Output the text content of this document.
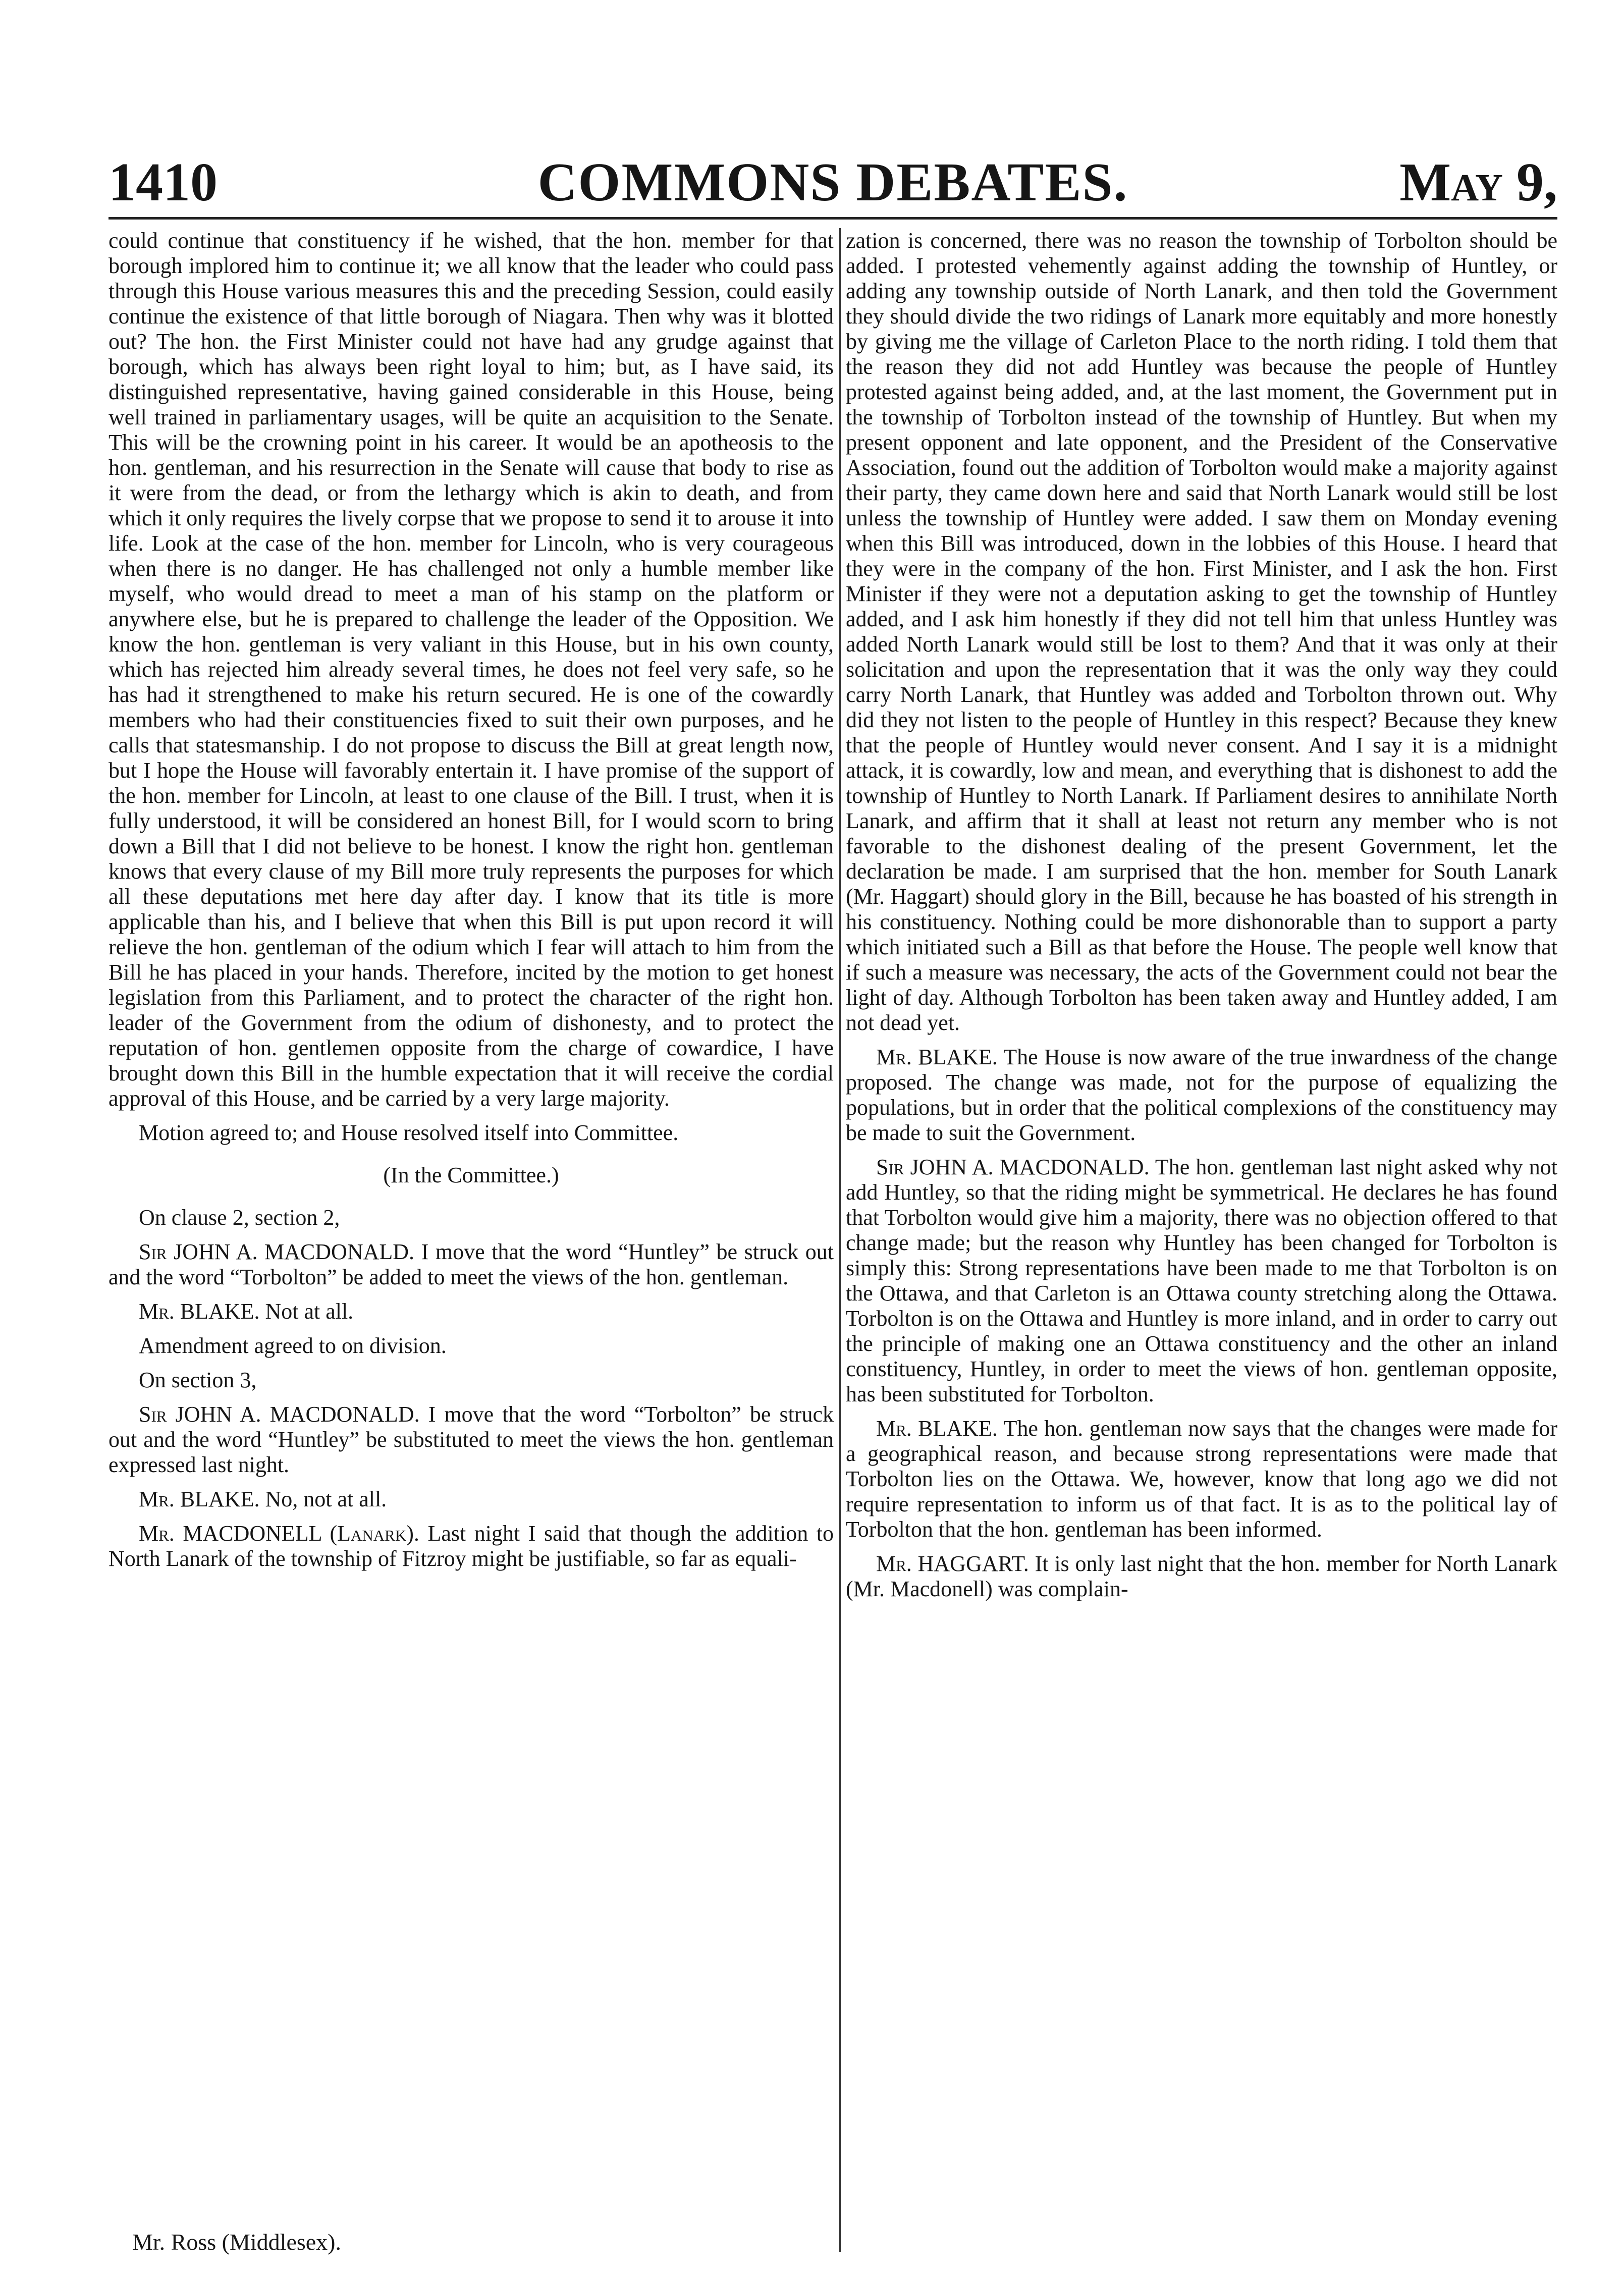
1410	COMMONS DEBATES.	May 9,

could continue that constituency if he wished, that the hon. member for that borough implored him to continue it; we all know that the leader who could pass through this House various measures this and the preceding Session, could easily continue the existence of that little borough of Niagara. Then why was it blotted out? The hon. the First Minister could not have had any grudge against that borough, which has always been right loyal to him; but, as I have said, its distinguished representative, having gained considerable in this House, being well trained in parliamentary usages, will be quite an acquisition to the Senate. This will be the crowning point in his career. It would be an apotheosis to the hon. gentleman, and his resurrection in the Senate will cause that body to rise as it were from the dead, or from the lethargy which is akin to death, and from which it only requires the lively corpse that we propose to send it to arouse it into life. Look at the case of the hon. member for Lincoln, who is very courageous when there is no danger. He has challenged not only a humble member like myself, who would dread to meet a man of his stamp on the platform or anywhere else, but he is prepared to challenge the leader of the Opposition. We know the hon. gentleman is very valiant in this House, but in his own county, which has rejected him already several times, he does not feel very safe, so he has had it strengthened to make his return secured. He is one of the cowardly members who had their constituencies fixed to suit their own purposes, and he calls that statesmanship. I do not propose to discuss the Bill at great length now, but I hope the House will favorably entertain it. I have promise of the support of the hon. member for Lincoln, at least to one clause of the Bill. I trust, when it is fully understood, it will be considered an honest Bill, for I would scorn to bring down a Bill that I did not believe to be honest. I know the right hon. gentleman knows that every clause of my Bill more truly represents the purposes for which all these deputations met here day after day. I know that its title is more applicable than his, and I believe that when this Bill is put upon record it will relieve the hon. gentleman of the odium which I fear will attach to him from the Bill he has placed in your hands. Therefore, incited by the motion to get honest legislation from this Parliament, and to protect the character of the right hon. leader of the Government from the odium of dishonesty, and to protect the reputation of hon. gentlemen opposite from the charge of cowardice, I have brought down this Bill in the humble expectation that it will receive the cordial approval of this House, and be carried by a very large majority.

Motion agreed to; and House resolved itself into Committee.

(In the Committee.)

On clause 2, section 2,

Sir JOHN A. MACDONALD. I move that the word “Huntley” be struck out and the word “Torbolton” be added to meet the views of the hon. gentleman.

Mr. BLAKE. Not at all.

Amendment agreed to on division.

On section 3,

Sir JOHN A. MACDONALD. I move that the word “Torbolton” be struck out and the word “Huntley” be substituted to meet the views the hon. gentleman expressed last night.

Mr. BLAKE. No, not at all.

Mr. MACDONELL (Lanark). Last night I said that though the addition to North Lanark of the township of Fitzroy might be justifiable, so far as equali-

zation is concerned, there was no reason the township of Torbolton should be added. I protested vehemently against adding the township of Huntley, or adding any township outside of North Lanark, and then told the Government they should divide the two ridings of Lanark more equitably and more honestly by giving me the village of Carleton Place to the north riding. I told them that the reason they did not add Huntley was because the people of Huntley protested against being added, and, at the last moment, the Government put in the township of Torbolton instead of the township of Huntley. But when my present opponent and late opponent, and the President of the Conservative Association, found out the addition of Torbolton would make a majority against their party, they came down here and said that North Lanark would still be lost unless the township of Huntley were added. I saw them on Monday evening when this Bill was introduced, down in the lobbies of this House. I heard that they were in the company of the hon. First Minister, and I ask the hon. First Minister if they were not a deputation asking to get the township of Huntley added, and I ask him honestly if they did not tell him that unless Huntley was added North Lanark would still be lost to them? And that it was only at their solicitation and upon the representation that it was the only way they could carry North Lanark, that Huntley was added and Torbolton thrown out. Why did they not listen to the people of Huntley in this respect? Because they knew that the people of Huntley would never consent. And I say it is a midnight attack, it is cowardly, low and mean, and everything that is dishonest to add the township of Huntley to North Lanark. If Parliament desires to annihilate North Lanark, and affirm that it shall at least not return any member who is not favorable to the dishonest dealing of the present Government, let the declaration be made. I am surprised that the hon. member for South Lanark (Mr. Haggart) should glory in the Bill, because he has boasted of his strength in his constituency. Nothing could be more dishonorable than to support a party which initiated such a Bill as that before the House. The people well know that if such a measure was necessary, the acts of the Government could not bear the light of day. Although Torbolton has been taken away and Huntley added, I am not dead yet.

Mr. BLAKE. The House is now aware of the true inwardness of the change proposed. The change was made, not for the purpose of equalizing the populations, but in order that the political complexions of the constituency may be made to suit the Government.

Sir JOHN A. MACDONALD. The hon. gentleman last night asked why not add Huntley, so that the riding might be symmetrical. He declares he has found that Torbolton would give him a majority, there was no objection offered to that change made; but the reason why Huntley has been changed for Torbolton is simply this: Strong representations have been made to me that Torbolton is on the Ottawa, and that Carleton is an Ottawa county stretching along the Ottawa. Torbolton is on the Ottawa and Huntley is more inland, and in order to carry out the principle of making one an Ottawa constituency and the other an inland constituency, Huntley, in order to meet the views of hon. gentleman opposite, has been substituted for Torbolton.

Mr. BLAKE. The hon. gentleman now says that the changes were made for a geographical reason, and because strong representations were made that Torbolton lies on the Ottawa. We, however, know that long ago we did not require representation to inform us of that fact. It is as to the political lay of Torbolton that the hon. gentleman has been informed.

Mr. HAGGART. It is only last night that the hon. member for North Lanark (Mr. Macdonell) was complain-

Mr. Ross (Middlesex).
